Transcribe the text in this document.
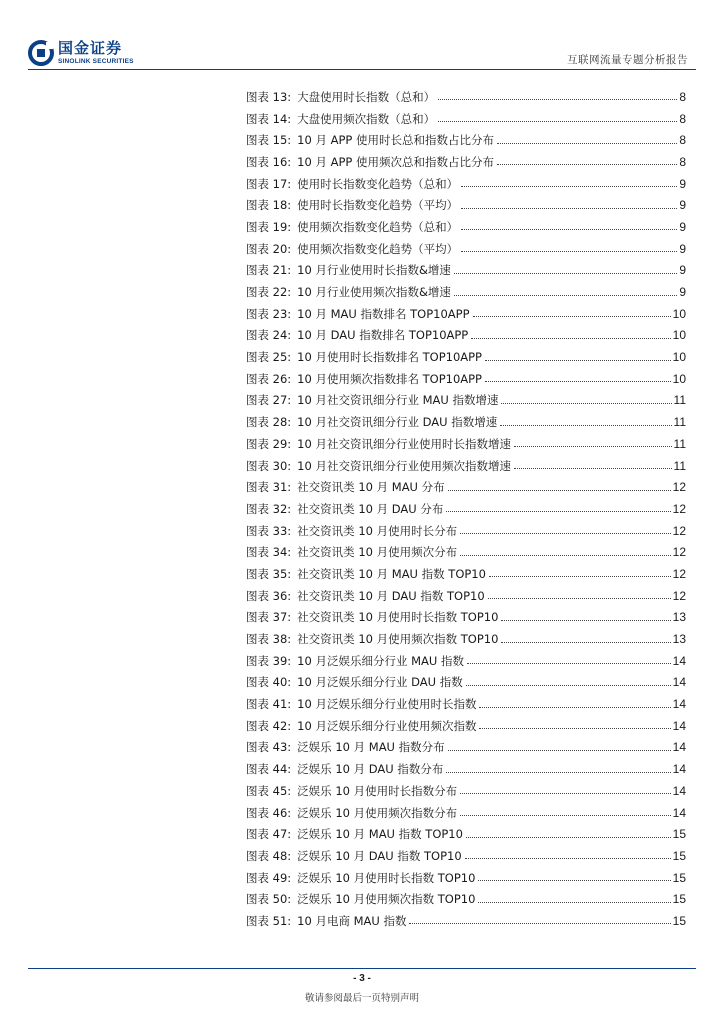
国金证券
SINOLINK SECURITIES	互联网流量专题分析报告
图表 13: 大盘使用时长指数（总和）	8
图表 14: 大盘使用频次指数（总和）	8
图表 15: 10 月 APP 使用时长总和指数占比分布	8
图表 16: 10 月 APP 使用频次总和指数占比分布	8
图表 17: 使用时长指数变化趋势（总和）	9
图表 18: 使用时长指数变化趋势（平均）	9
图表 19: 使用频次指数变化趋势（总和）	9
图表 20: 使用频次指数变化趋势（平均）	9
图表 21: 10 月行业使用时长指数&增速	9
图表 22: 10 月行业使用频次指数&增速	9
图表 23: 10 月 MAU 指数排名 TOP10APP	10
图表 24: 10 月 DAU 指数排名 TOP10APP	10
图表 25: 10 月使用时长指数排名 TOP10APP	10
图表 26: 10 月使用频次指数排名 TOP10APP	10
图表 27: 10 月社交资讯细分行业 MAU 指数增速	11
图表 28: 10 月社交资讯细分行业 DAU 指数增速	11
图表 29: 10 月社交资讯细分行业使用时长指数增速	11
图表 30: 10 月社交资讯细分行业使用频次指数增速	11
图表 31: 社交资讯类 10 月 MAU 分布	12
图表 32: 社交资讯类 10 月 DAU 分布	12
图表 33: 社交资讯类 10 月使用时长分布	12
图表 34: 社交资讯类 10 月使用频次分布	12
图表 35: 社交资讯类 10 月 MAU 指数 TOP10	12
图表 36: 社交资讯类 10 月 DAU 指数 TOP10	12
图表 37: 社交资讯类 10 月使用时长指数 TOP10	13
图表 38: 社交资讯类 10 月使用频次指数 TOP10	13
图表 39: 10 月泛娱乐细分行业 MAU 指数	14
图表 40: 10 月泛娱乐细分行业 DAU 指数	14
图表 41: 10 月泛娱乐细分行业使用时长指数	14
图表 42: 10 月泛娱乐细分行业使用频次指数	14
图表 43: 泛娱乐 10 月 MAU 指数分布	14
图表 44: 泛娱乐 10 月 DAU 指数分布	14
图表 45: 泛娱乐 10 月使用时长指数分布	14
图表 46: 泛娱乐 10 月使用频次指数分布	14
图表 47: 泛娱乐 10 月 MAU 指数 TOP10	15
图表 48: 泛娱乐 10 月 DAU 指数 TOP10	15
图表 49: 泛娱乐 10 月使用时长指数 TOP10	15
图表 50: 泛娱乐 10 月使用频次指数 TOP10	15
图表 51: 10 月电商 MAU 指数	15
- 3 -
敬请参阅最后一页特别声明
